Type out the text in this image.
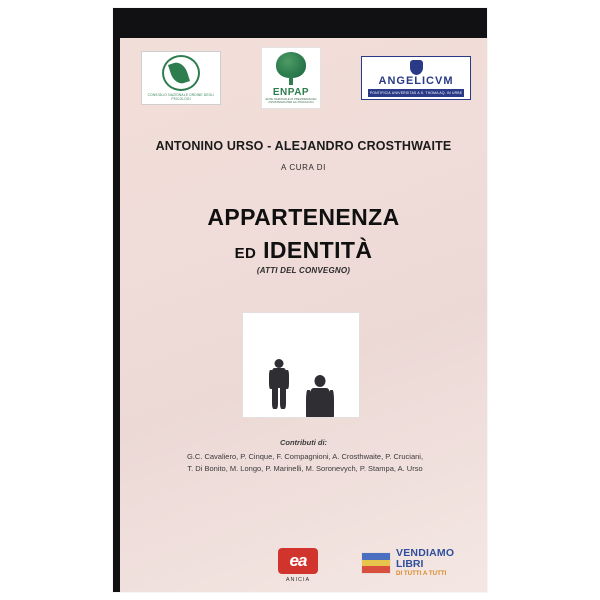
CONSIGLIO NAZIONALE ORDINE DEGLI PSICOLOGI
ENPAP
ENTE NAZIONALE DI PREVIDENZA ED ASSISTENZA PER GLI PSICOLOGI
ANGELICVM
PONTIFICIA UNIVERSITAS A S. THOMA AQ. IN URBE
ANTONINO URSO - ALEJANDRO CROSTHWAITE
A CURA DI
APPARTENENZA
ED IDENTITÀ
(ATTI DEL CONVEGNO)
Contributi di:
G.C. Cavaliero, P. Cinque, F. Compagnioni, A. Crosthwaite, P. Cruciani,
T. Di Bonito, M. Longo, P. Marinelli, M. Soronevych, P. Stampa, A. Urso
ea
ANICIA
VENDIAMO
LIBRI
DI TUTTI A TUTTI
